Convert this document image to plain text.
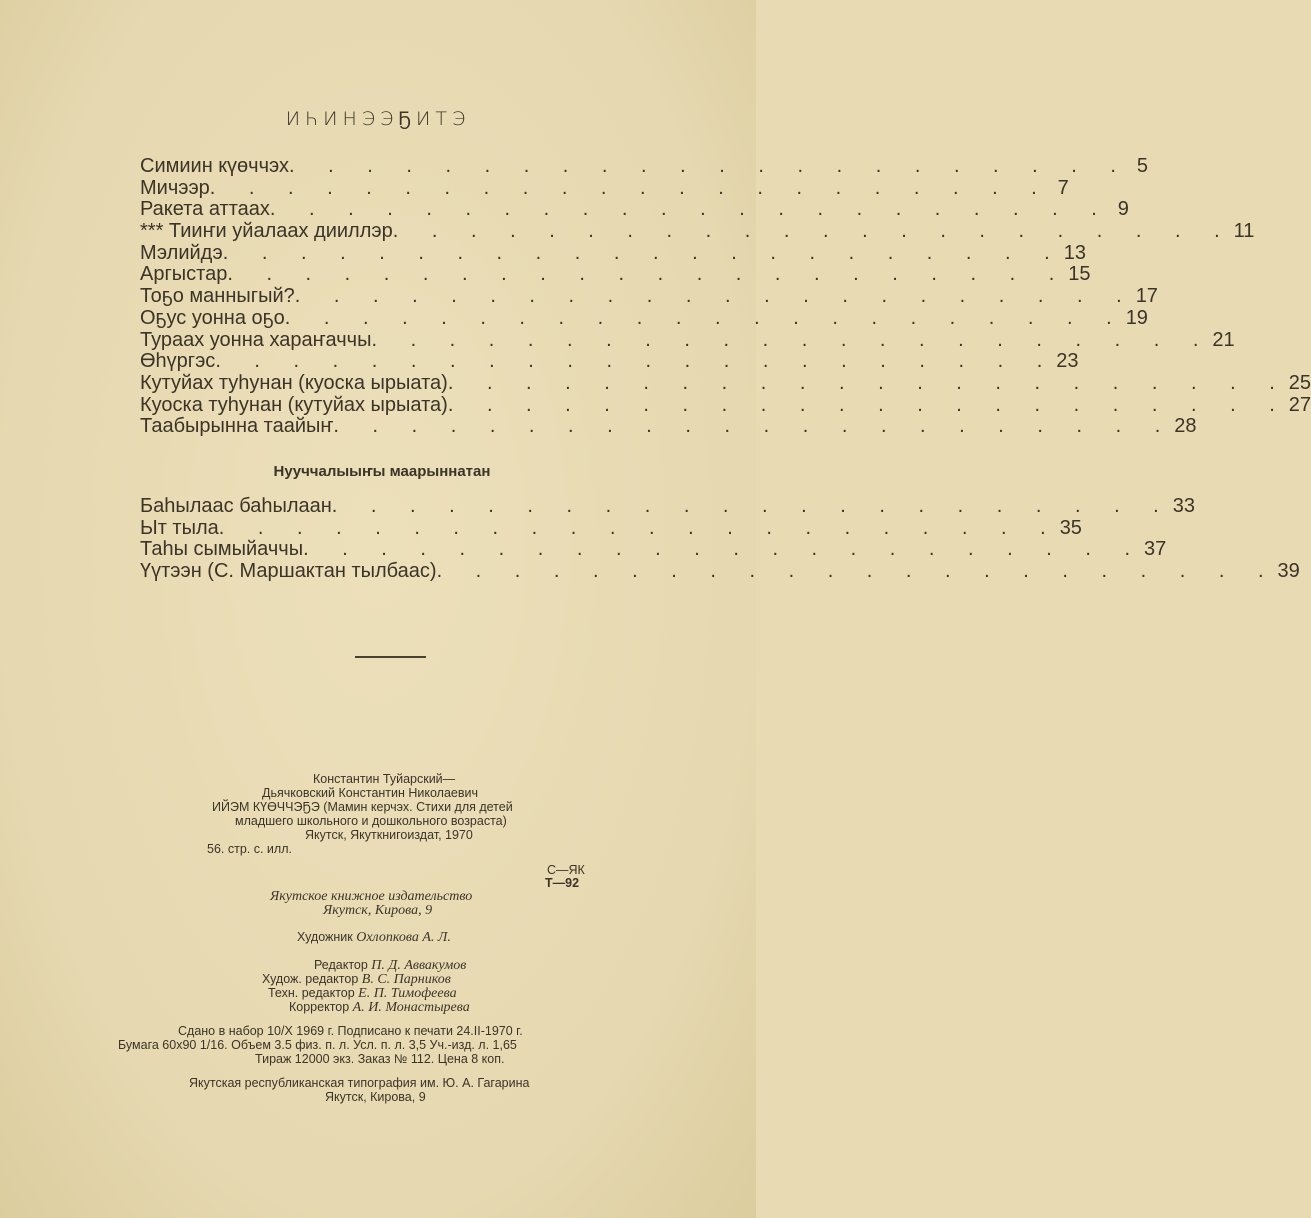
ИҺИНЭЭҔИТЭ
Симиин күөччэх . . . . . . . . . . . . . . . . . . . . . . 5
Мичээр . . . . . . . . . . . . . . . . . . . . . . 7
Ракета аттаах . . . . . . . . . . . . . . . . . . . . . . 9
*** Тииҥи уйалаах дииллэр . . . . . . . . . . . . . . . . . . . . . . 11
Мэлийдэ . . . . . . . . . . . . . . . . . . . . . . 13
Аргыстар . . . . . . . . . . . . . . . . . . . . . . 15
Тоҕо манныгый? . . . . . . . . . . . . . . . . . . . . . . 17
Оҕус уонна оҕо . . . . . . . . . . . . . . . . . . . . . . 19
Тураах уонна хараҥаччы . . . . . . . . . . . . . . . . . . . . . . 21
Өһүргэс . . . . . . . . . . . . . . . . . . . . . . 23
Кутуйах туһунан (куоска ырыата) . . . . . . . . . . . . . . . . . . . . . . 25
Куоска туһунан (кутуйах ырыата) . . . . . . . . . . . . . . . . . . . . . . 27
Таабырынна таайыҥ . . . . . . . . . . . . . . . . . . . . . . 28
Нууччалыыҥы маарыннатан
Баһылаас баһылаан . . . . . . . . . . . . . . . . . . . . . . 33
Ыт тыла . . . . . . . . . . . . . . . . . . . . . . 35
Таһы сымыйаччы . . . . . . . . . . . . . . . . . . . . . . 37
Үүтээн (С. Маршактан тылбаас) . . . . . . . . . . . . . . . . . . . . . . 39
Константин Туйарский—
Дьячковский Константин Николаевич
ИЙЭМ КҮӨЧЧЭҔЭ (Мамин керчэх. Стихи для детей
младшего школьного и дошкольного возраста)
Якутск, Якуткнигоиздат, 1970
56. стр. с. илл.
С—ЯК
Т—92
Якутское книжное издательство
Якутск, Кирова, 9
Художник Охлопкова А. Л.
Редактор П. Д. Аввакумов
Худож. редактор В. С. Парников
Техн. редактор Е. П. Тимофеева
Корректор А. И. Монастырева
Сдано в набор 10/X 1969 г. Подписано к печати 24.II-1970 г.
Бумага 60х90 1/16. Объем 3.5 физ. п. л. Усл. п. л. 3,5 Уч.-изд. л. 1,65
Тираж 12000 экз. Заказ № 112. Цена 8 коп.
Якутская республиканская типография им. Ю. А. Гагарина
Якутск, Кирова, 9
